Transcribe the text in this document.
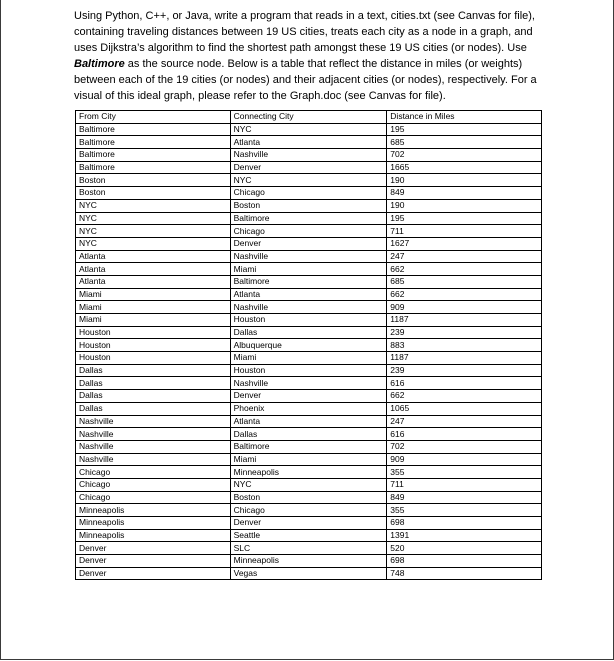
Using Python, C++, or Java, write a program that reads in a text, cities.txt (see Canvas for file), containing traveling distances between 19 US cities, treats each city as a node in a graph, and uses Dijkstra’s algorithm to find the shortest path amongst these 19 US cities (or nodes). Use Baltimore as the source node. Below is a table that reflect the distance in miles (or weights) between each of the 19 cities (or nodes) and their adjacent cities (or nodes), respectively. For a visual of this ideal graph, please refer to the Graph.doc (see Canvas for file).

From City	Connecting City	Distance in Miles
Baltimore	NYC	195
Baltimore	Atlanta	685
Baltimore	Nashville	702
Baltimore	Denver	1665
Boston	NYC	190
Boston	Chicago	849
NYC	Boston	190
NYC	Baltimore	195
NYC	Chicago	711
NYC	Denver	1627
Atlanta	Nashville	247
Atlanta	Miami	662
Atlanta	Baltimore	685
Miami	Atlanta	662
Miami	Nashville	909
Miami	Houston	1187
Houston	Dallas	239
Houston	Albuquerque	883
Houston	Miami	1187
Dallas	Houston	239
Dallas	Nashville	616
Dallas	Denver	662
Dallas	Phoenix	1065
Nashville	Atlanta	247
Nashville	Dallas	616
Nashville	Baltimore	702
Nashville	Miami	909
Chicago	Minneapolis	355
Chicago	NYC	711
Chicago	Boston	849
Minneapolis	Chicago	355
Minneapolis	Denver	698
Minneapolis	Seattle	1391
Denver	SLC	520
Denver	Minneapolis	698
Denver	Vegas	748
